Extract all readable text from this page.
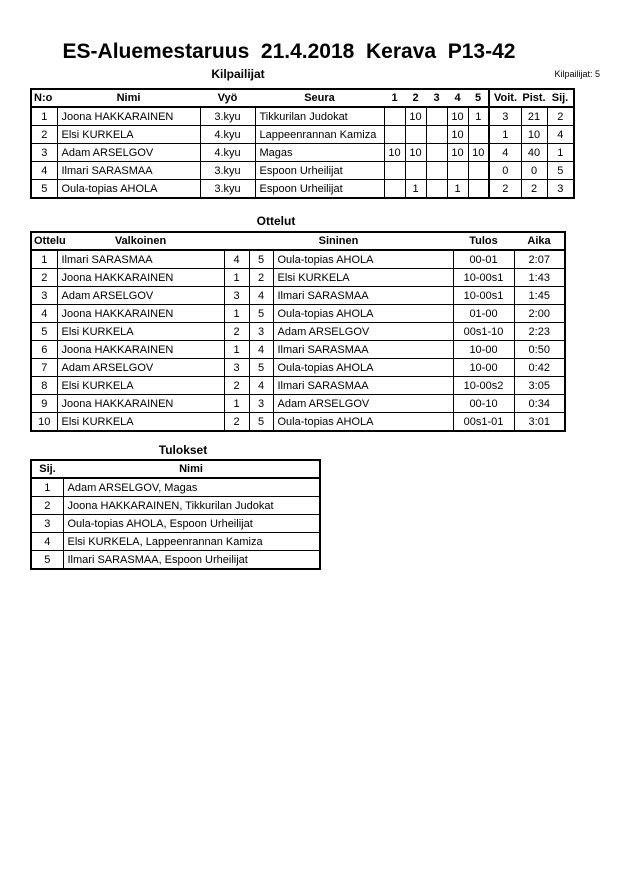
ES-Aluemestaruus  21.4.2018  Kerava  P13-42
Kilpailijat	Kilpailijat: 5
N:o	Nimi	Vyö	Seura	1	2	3	4	5	Voit.	Pist.	Sij.
1	Joona HAKKARAINEN	3.kyu	Tikkurilan Judokat		10		10	1	3	21	2
2	Elsi KURKELA	4.kyu	Lappeenrannan Kamiza				10		1	10	4
3	Adam ARSELGOV	4.kyu	Magas	10	10		10	10	4	40	1
4	Ilmari SARASMAA	3.kyu	Espoon Urheilijat						0	0	5
5	Oula-topias AHOLA	3.kyu	Espoon Urheilijat		1		1		2	2	3
Ottelut
Ottelu	Valkoinen	Sininen			Tulos	Aika
1	Ilmari SARASMAA	4	5	Oula-topias AHOLA	00-01	2:07
2	Joona HAKKARAINEN	1	2	Elsi KURKELA	10-00s1	1:43
3	Adam ARSELGOV	3	4	Ilmari SARASMAA	10-00s1	1:45
4	Joona HAKKARAINEN	1	5	Oula-topias AHOLA	01-00	2:00
5	Elsi KURKELA	2	3	Adam ARSELGOV	00s1-10	2:23
6	Joona HAKKARAINEN	1	4	Ilmari SARASMAA	10-00	0:50
7	Adam ARSELGOV	3	5	Oula-topias AHOLA	10-00	0:42
8	Elsi KURKELA	2	4	Ilmari SARASMAA	10-00s2	3:05
9	Joona HAKKARAINEN	1	3	Adam ARSELGOV	00-10	0:34
10	Elsi KURKELA	2	5	Oula-topias AHOLA	00s1-01	3:01
Tulokset
Sij.	Nimi
1	Adam ARSELGOV, Magas
2	Joona HAKKARAINEN, Tikkurilan Judokat
3	Oula-topias AHOLA, Espoon Urheilijat
4	Elsi KURKELA, Lappeenrannan Kamiza
5	Ilmari SARASMAA, Espoon Urheilijat
